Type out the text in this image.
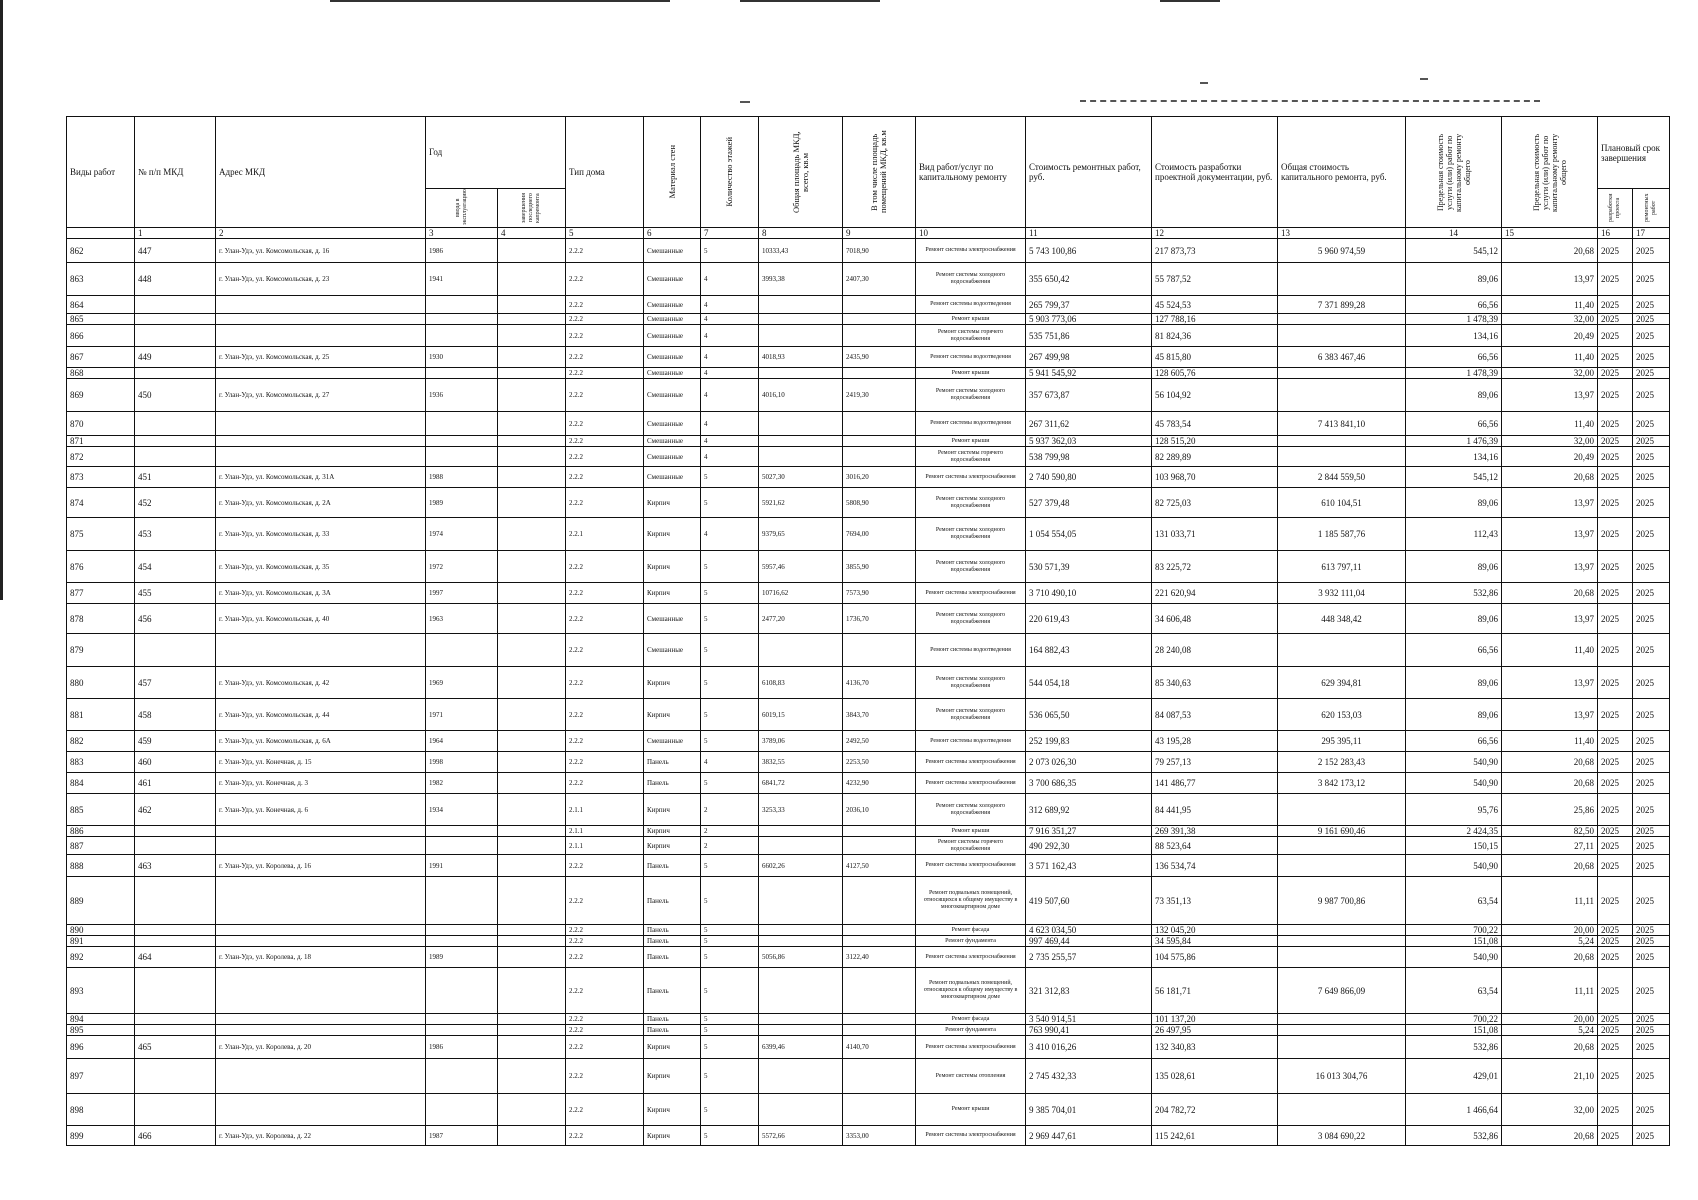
Виды работ	№ п/п МКД	Адрес МКД	Год		Тип дома	Материал стен	Количество этажей	Общая площадь МКД, всего, кв.м	В том числе площадь помещений МКД, кв.м	Вид работ/услуг по капитальному ремонту	Стоимость ремонтных работ, руб.	Стоимость разработки проектной документации, руб.	Общая стоимость капитального ремонта, руб.	Предельная стоимость услуги (или) работ по капитальному ремонту общего	Предельная стоимость услуги (или) работ по капитальному ремонту общего	Плановый срок завершения	

			ввода в эксплуатацию	завершения последнего капремонта												разработки проекта	ремонтных работ

	1	2	3	4	5	6	7	8	9	10	11	12	13	14	15	16	17
862	447	г. Улан-Удэ, ул. Комсомольская, д. 16	1986		2.2.2	Смешанные	5	10333,43	7018,90	Ремонт системы электроснабжения	5 743 100,86	217 873,73	5 960 974,59	545,12	20,68	2025	2025
863	448	г. Улан-Удэ, ул. Комсомольская, д. 23	1941		2.2.2	Смешанные	4	3993,38	2407,30	Ремонт системы холодного водоснабжения	355 650,42	55 787,52		89,06	13,97	2025	2025
864					2.2.2	Смешанные	4			Ремонт системы водоотведения	265 799,37	45 524,53	7 371 899,28	66,56	11,40	2025	2025
865					2.2.2	Смешанные	4			Ремонт крыши	5 903 773,06	127 788,16		1 478,39	32,00	2025	2025
866					2.2.2	Смешанные	4			Ремонт системы горячего водоснабжения	535 751,86	81 824,36		134,16	20,49	2025	2025
867	449	г. Улан-Удэ, ул. Комсомольская, д. 25	1930		2.2.2	Смешанные	4	4018,93	2435,90	Ремонт системы водоотведения	267 499,98	45 815,80	6 383 467,46	66,56	11,40	2025	2025
868					2.2.2	Смешанные	4			Ремонт крыши	5 941 545,92	128 605,76		1 478,39	32,00	2025	2025
869	450	г. Улан-Удэ, ул. Комсомольская, д. 27	1936		2.2.2	Смешанные	4	4016,10	2419,30	Ремонт системы холодного водоснабжения	357 673,87	56 104,92		89,06	13,97	2025	2025
870					2.2.2	Смешанные	4			Ремонт системы водоотведения	267 311,62	45 783,54	7 413 841,10	66,56	11,40	2025	2025
871					2.2.2	Смешанные	4			Ремонт крыши	5 937 362,03	128 515,20		1 476,39	32,00	2025	2025
872					2.2.2	Смешанные	4			Ремонт системы горячего водоснабжения	538 799,98	82 289,89		134,16	20,49	2025	2025
873	451	г. Улан-Удэ, ул. Комсомольская, д. 31А	1988		2.2.2	Смешанные	5	5027,30	3016,20	Ремонт системы электроснабжения	2 740 590,80	103 968,70	2 844 559,50	545,12	20,68	2025	2025
874	452	г. Улан-Удэ, ул. Комсомольская, д. 2А	1989		2.2.2	Кирпич	5	5921,62	5808,90	Ремонт системы холодного водоснабжения	527 379,48	82 725,03	610 104,51	89,06	13,97	2025	2025
875	453	г. Улан-Удэ, ул. Комсомольская, д. 33	1974		2.2.1	Кирпич	4	9379,65	7694,00	Ремонт системы холодного водоснабжения	1 054 554,05	131 033,71	1 185 587,76	112,43	13,97	2025	2025
876	454	г. Улан-Удэ, ул. Комсомольская, д. 35	1972		2.2.2	Кирпич	5	5957,46	3855,90	Ремонт системы холодного водоснабжения	530 571,39	83 225,72	613 797,11	89,06	13,97	2025	2025
877	455	г. Улан-Удэ, ул. Комсомольская, д. 3А	1997		2.2.2	Кирпич	5	10716,62	7573,90	Ремонт системы электроснабжения	3 710 490,10	221 620,94	3 932 111,04	532,86	20,68	2025	2025
878	456	г. Улан-Удэ, ул. Комсомольская, д. 40	1963		2.2.2	Смешанные	5	2477,20	1736,70	Ремонт системы холодного водоснабжения	220 619,43	34 606,48	448 348,42	89,06	13,97	2025	2025
879					2.2.2	Смешанные	5			Ремонт системы водоотведения	164 882,43	28 240,08		66,56	11,40	2025	2025
880	457	г. Улан-Удэ, ул. Комсомольская, д. 42	1969		2.2.2	Кирпич	5	6108,83	4136,70	Ремонт системы холодного водоснабжения	544 054,18	85 340,63	629 394,81	89,06	13,97	2025	2025
881	458	г. Улан-Удэ, ул. Комсомольская, д. 44	1971		2.2.2	Кирпич	5	6019,15	3843,70	Ремонт системы холодного водоснабжения	536 065,50	84 087,53	620 153,03	89,06	13,97	2025	2025
882	459	г. Улан-Удэ, ул. Комсомольская, д. 6А	1964		2.2.2	Смешанные	5	3789,06	2492,50	Ремонт системы водоотведения	252 199,83	43 195,28	295 395,11	66,56	11,40	2025	2025
883	460	г. Улан-Удэ, ул. Конечная, д. 15	1998		2.2.2	Панель	4	3832,55	2253,50	Ремонт системы электроснабжения	2 073 026,30	79 257,13	2 152 283,43	540,90	20,68	2025	2025
884	461	г. Улан-Удэ, ул. Конечная, д. 3	1982		2.2.2	Панель	5	6841,72	4232,90	Ремонт системы электроснабжения	3 700 686,35	141 486,77	3 842 173,12	540,90	20,68	2025	2025
885	462	г. Улан-Удэ, ул. Конечная, д. 6	1934		2.1.1	Кирпич	2	3253,33	2036,10	Ремонт системы холодного водоснабжения	312 689,92	84 441,95		95,76	25,86	2025	2025
886					2.1.1	Кирпич	2			Ремонт крыши	7 916 351,27	269 391,38	9 161 690,46	2 424,35	82,50	2025	2025
887					2.1.1	Кирпич	2			Ремонт системы горячего водоснабжения	490 292,30	88 523,64		150,15	27,11	2025	2025
888	463	г. Улан-Удэ, ул. Королева, д. 16	1991		2.2.2	Панель	5	6602,26	4127,50	Ремонт системы электроснабжения	3 571 162,43	136 534,74		540,90	20,68	2025	2025
889					2.2.2	Панель	5			Ремонт подвальных помещений, относящихся к общему имуществу в многоквартирном доме	419 507,60	73 351,13	9 987 700,86	63,54	11,11	2025	2025
890					2.2.2	Панель	5			Ремонт фасада	4 623 034,50	132 045,20		700,22	20,00	2025	2025
891					2.2.2	Панель	5			Ремонт фундамента	997 469,44	34 595,84		151,08	5,24	2025	2025
892	464	г. Улан-Удэ, ул. Королева, д. 18	1989		2.2.2	Панель	5	5056,86	3122,40	Ремонт системы электроснабжения	2 735 255,57	104 575,86		540,90	20,68	2025	2025
893					2.2.2	Панель	5			Ремонт подвальных помещений, относящихся к общему имуществу в многоквартирном доме	321 312,83	56 181,71	7 649 866,09	63,54	11,11	2025	2025
894					2.2.2	Панель	5			Ремонт фасада	3 540 914,51	101 137,20		700,22	20,00	2025	2025
895					2.2.2	Панель	5			Ремонт фундамента	763 990,41	26 497,95		151,08	5,24	2025	2025
896	465	г. Улан-Удэ, ул. Королева, д. 20	1986		2.2.2	Кирпич	5	6399,46	4140,70	Ремонт системы электроснабжения	3 410 016,26	132 340,83		532,86	20,68	2025	2025
897					2.2.2	Кирпич	5			Ремонт системы отопления	2 745 432,33	135 028,61	16 013 304,76	429,01	21,10	2025	2025
898					2.2.2	Кирпич	5			Ремонт крыши	9 385 704,01	204 782,72		1 466,64	32,00	2025	2025
899	466	г. Улан-Удэ, ул. Королева, д. 22	1987		2.2.2	Кирпич	5	5572,66	3353,00	Ремонт системы электроснабжения	2 969 447,61	115 242,61	3 084 690,22	532,86	20,68	2025	2025
